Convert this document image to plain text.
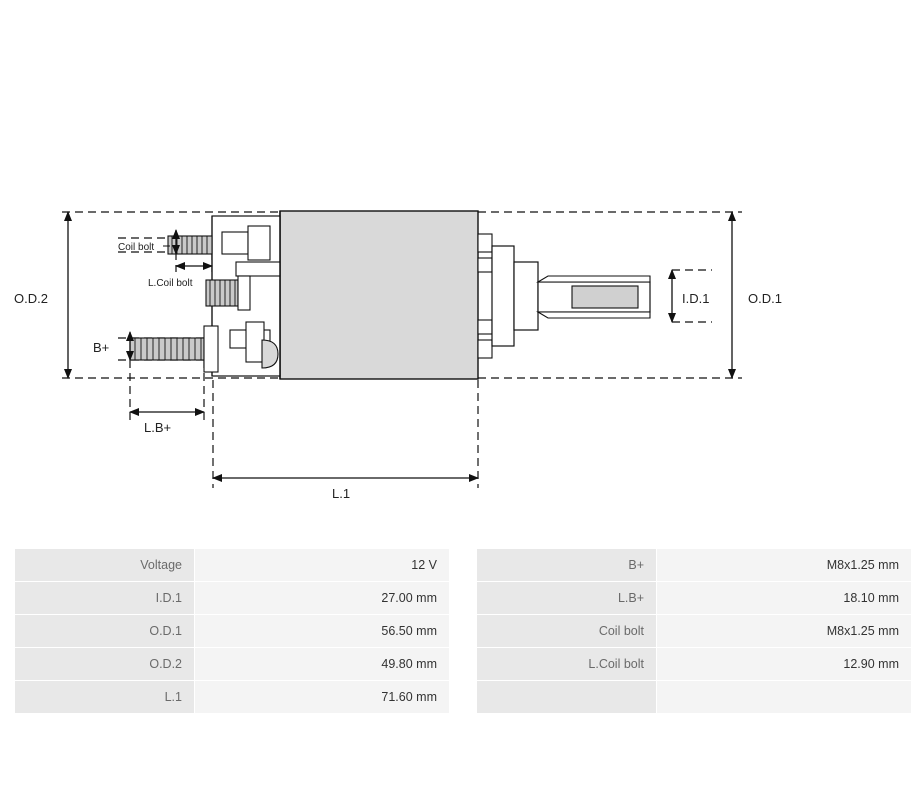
O.D.2	O.D.1
I.D.1
Coil bolt
L.Coil bolt
B+
L.B+
L.1
Voltage	12 V		B+	M8x1.25 mm
I.D.1	27.00 mm		L.B+	18.10 mm
O.D.1	56.50 mm		Coil bolt	M8x1.25 mm
O.D.2	49.80 mm		L.Coil bolt	12.90 mm
L.1	71.60 mm			
